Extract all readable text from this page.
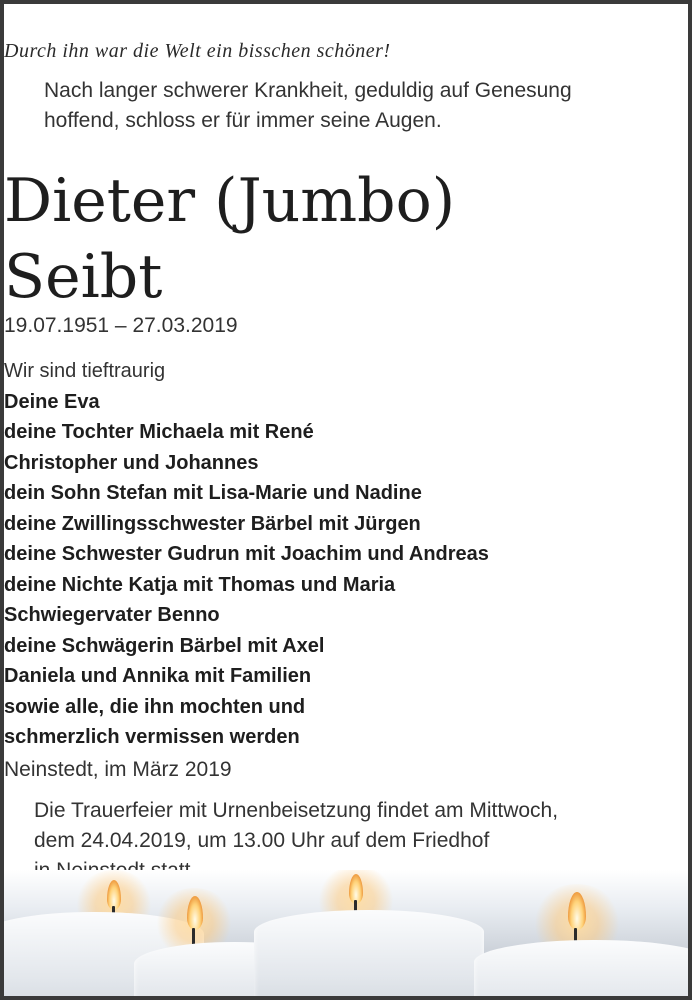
Durch ihn war die Welt ein bisschen schöner!
Nach langer schwerer Krankheit, geduldig auf Genesung
hoffend, schloss er für immer seine Augen.
Dieter (Jumbo)
Seibt
19.07.1951 – 27.03.2019
Wir sind tieftraurig
Deine Eva
deine Tochter Michaela mit René
Christopher und Johannes
dein Sohn Stefan mit Lisa-Marie und Nadine
deine Zwillingsschwester Bärbel mit Jürgen
deine Schwester Gudrun mit Joachim und Andreas
deine Nichte Katja mit Thomas und Maria
Schwiegervater Benno
deine Schwägerin Bärbel mit Axel
Daniela und Annika mit Familien
sowie alle, die ihn mochten und
schmerzlich vermissen werden
Neinstedt, im März 2019
Die Trauerfeier mit Urnenbeisetzung findet am Mittwoch,
dem 24.04.2019, um 13.00 Uhr auf dem Friedhof
